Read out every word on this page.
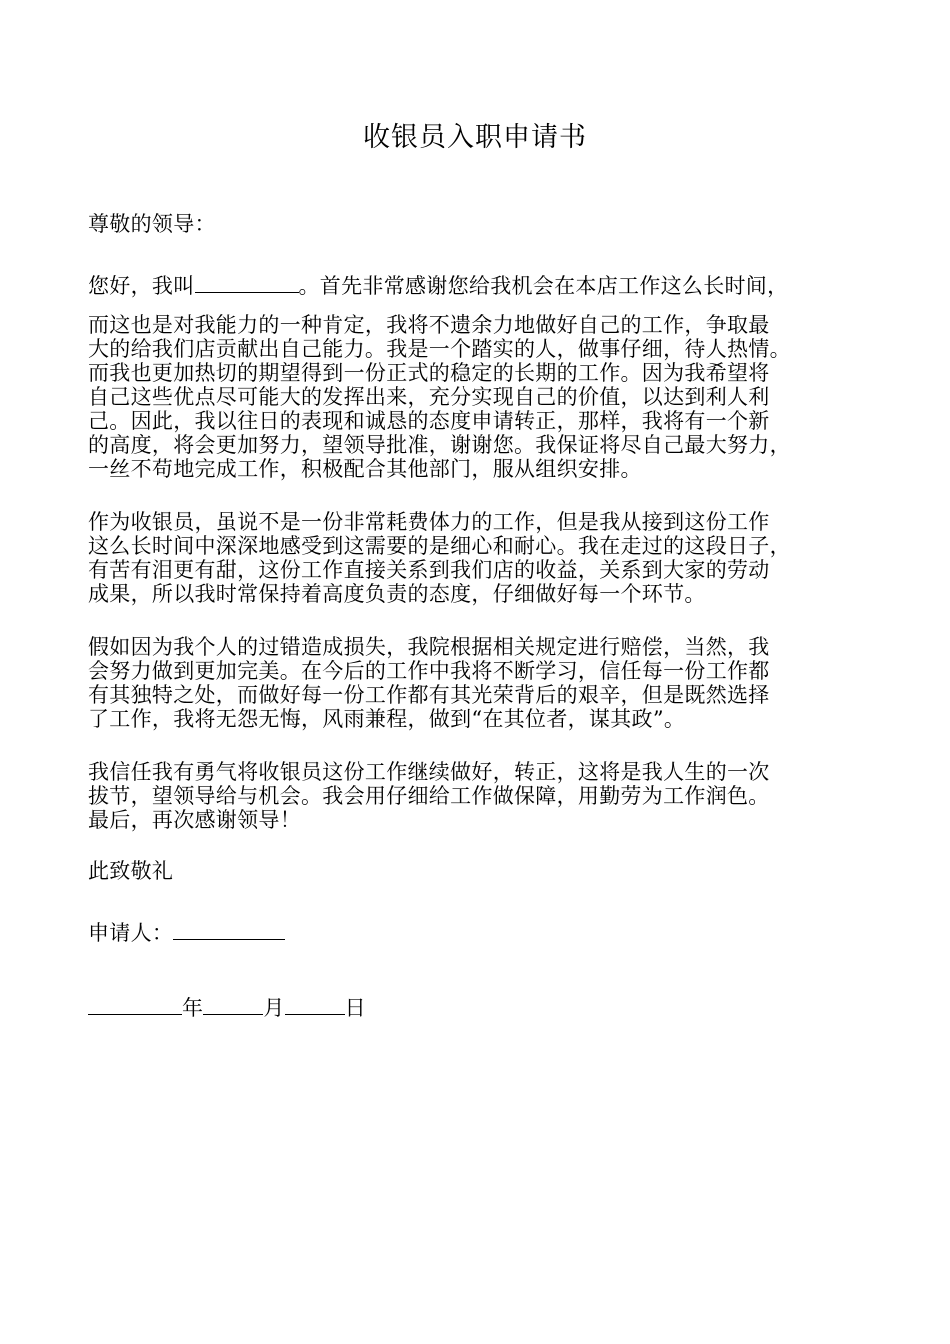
收银员入职申请书
尊敬的领导：
您好，我叫	。首先非常感谢您给我机会在本店工作这么长时间，
而这也是对我能力的一种肯定，我将不遗余力地做好自己的工作，争取最
大的给我们店贡献出自己能力。我是一个踏实的人，做事仔细，待人热情。
而我也更加热切的期望得到一份正式的稳定的长期的工作。因为我希望将
自己这些优点尽可能大的发挥出来，充分实现自己的价值，以达到利人利
己。因此，我以往日的表现和诚恳的态度申请转正，那样，我将有一个新
的高度，将会更加努力，望领导批准，谢谢您。我保证将尽自己最大努力，
一丝不苟地完成工作，积极配合其他部门，服从组织安排。
作为收银员，虽说不是一份非常耗费体力的工作，但是我从接到这份工作
这么长时间中深深地感受到这需要的是细心和耐心。我在走过的这段日子，
有苦有泪更有甜，这份工作直接关系到我们店的收益，关系到大家的劳动
成果，所以我时常保持着高度负责的态度，仔细做好每一个环节。
假如因为我个人的过错造成损失，我院根据相关规定进行赔偿，当然，我
会努力做到更加完美。在今后的工作中我将不断学习，信任每一份工作都
有其独特之处，而做好每一份工作都有其光荣背后的艰辛，但是既然选择
了工作，我将无怨无悔，风雨兼程，做到“在其位者，谋其政”。
我信任我有勇气将收银员这份工作继续做好，转正，这将是我人生的一次
拔节，望领导给与机会。我会用仔细给工作做保障，用勤劳为工作润色。
最后，再次感谢领导！
此致敬礼
申请人：
年	月	日
